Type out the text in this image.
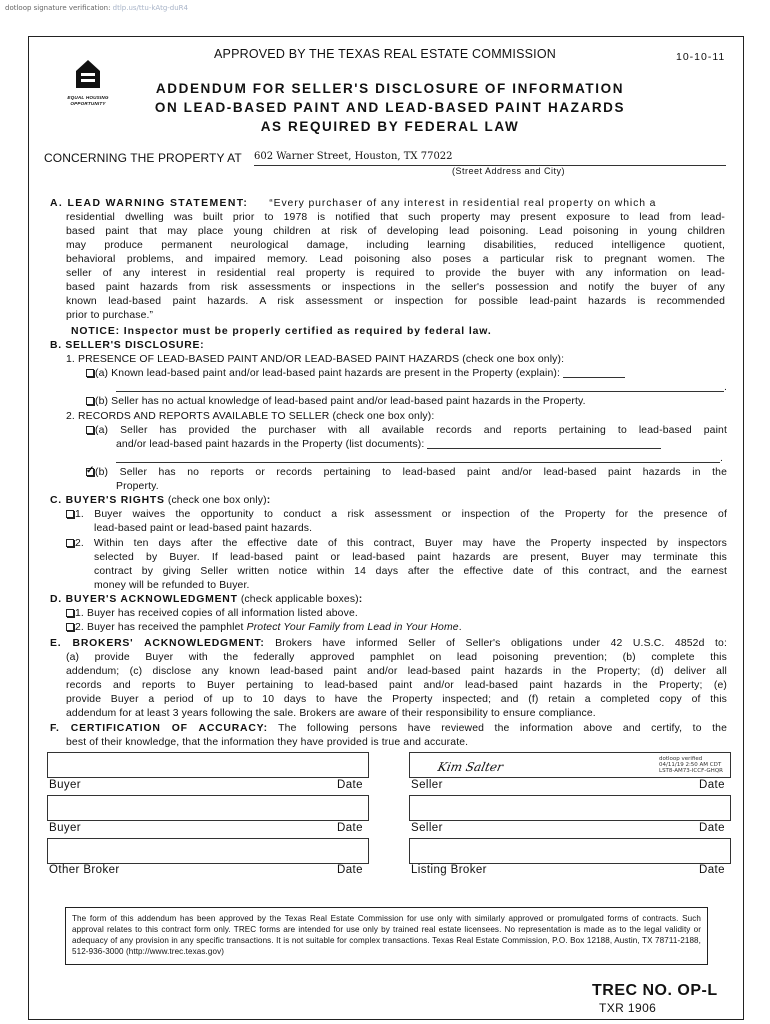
dotloop signature verification: dtlp.us/ttu-kAtg-duR4
APPROVED BY THE TEXAS REAL ESTATE COMMISSION	10-10-11
EQUAL HOUSING OPPORTUNITY
ADDENDUM FOR SELLER'S DISCLOSURE OF INFORMATION
ON LEAD-BASED PAINT AND LEAD-BASED PAINT HAZARDS
AS REQUIRED BY FEDERAL LAW
CONCERNING THE PROPERTY AT 602 Warner Street, Houston, TX 77022
(Street Address and City)
A. LEAD WARNING STATEMENT: “Every purchaser of any interest in residential real property on which a
residential dwelling was built prior to 1978 is notified that such property may present exposure to lead from lead-
based paint that may place young children at risk of developing lead poisoning. Lead poisoning in young children
may produce permanent neurological damage, including learning disabilities, reduced intelligence quotient,
behavioral problems, and impaired memory. Lead poisoning also poses a particular risk to pregnant women. The
seller of any interest in residential real property is required to provide the buyer with any information on lead-
based paint hazards from risk assessments or inspections in the seller's possession and notify the buyer of any
known lead-based paint hazards. A risk assessment or inspection for possible lead-paint hazards is recommended
prior to purchase.”
NOTICE: Inspector must be properly certified as required by federal law.
B. SELLER'S DISCLOSURE:
1. PRESENCE OF LEAD-BASED PAINT AND/OR LEAD-BASED PAINT HAZARDS (check one box only):
(a) Known lead-based paint and/or lead-based paint hazards are present in the Property (explain):
.
(b) Seller has no actual knowledge of lead-based paint and/or lead-based paint hazards in the Property.
2. RECORDS AND REPORTS AVAILABLE TO SELLER (check one box only):
(a) Seller has provided the purchaser with all available records and reports pertaining to lead-based paint
and/or lead-based paint hazards in the Property (list documents):
.
✓(b) Seller has no reports or records pertaining to lead-based paint and/or lead-based paint hazards in the
Property.
C. BUYER'S RIGHTS (check one box only):
1. Buyer waives the opportunity to conduct a risk assessment or inspection of the Property for the presence of
lead-based paint or lead-based paint hazards.
2. Within ten days after the effective date of this contract, Buyer may have the Property inspected by inspectors
selected by Buyer. If lead-based paint or lead-based paint hazards are present, Buyer may terminate this
contract by giving Seller written notice within 14 days after the effective date of this contract, and the earnest
money will be refunded to Buyer.
D. BUYER'S ACKNOWLEDGMENT (check applicable boxes):
1. Buyer has received copies of all information listed above.
2. Buyer has received the pamphlet Protect Your Family from Lead in Your Home.
E. BROKERS' ACKNOWLEDGMENT: Brokers have informed Seller of Seller's obligations under 42 U.S.C. 4852d to:
(a) provide Buyer with the federally approved pamphlet on lead poisoning prevention; (b) complete this
addendum; (c) disclose any known lead-based paint and/or lead-based paint hazards in the Property; (d) deliver all
records and reports to Buyer pertaining to lead-based paint and/or lead-based paint hazards in the Property; (e)
provide Buyer a period of up to 10 days to have the Property inspected; and (f) retain a completed copy of this
addendum for at least 3 years following the sale. Brokers are aware of their responsibility to ensure compliance.
F. CERTIFICATION OF ACCURACY: The following persons have reviewed the information above and certify, to the
best of their knowledge, that the information they have provided is true and accurate.
Kim Salter
dotloop verified
04/11/19 2:50 AM CDT
LST8-AM73-ICCF-GHQR
Buyer	Date	Seller	Date
Buyer	Date	Seller	Date
Other Broker	Date	Listing Broker	Date
The form of this addendum has been approved by the Texas Real Estate Commission for use only with similarly approved or promulgated forms of contracts. Such approval relates to this contract form only. TREC forms are intended for use only by trained real estate licensees. No representation is made as to the legal validity or adequacy of any provision in any specific transactions. It is not suitable for complex transactions. Texas Real Estate Commission, P.O. Box 12188, Austin, TX 78711-2188, 512-936-3000 (http://www.trec.texas.gov)
TREC NO. OP-L
TXR 1906
